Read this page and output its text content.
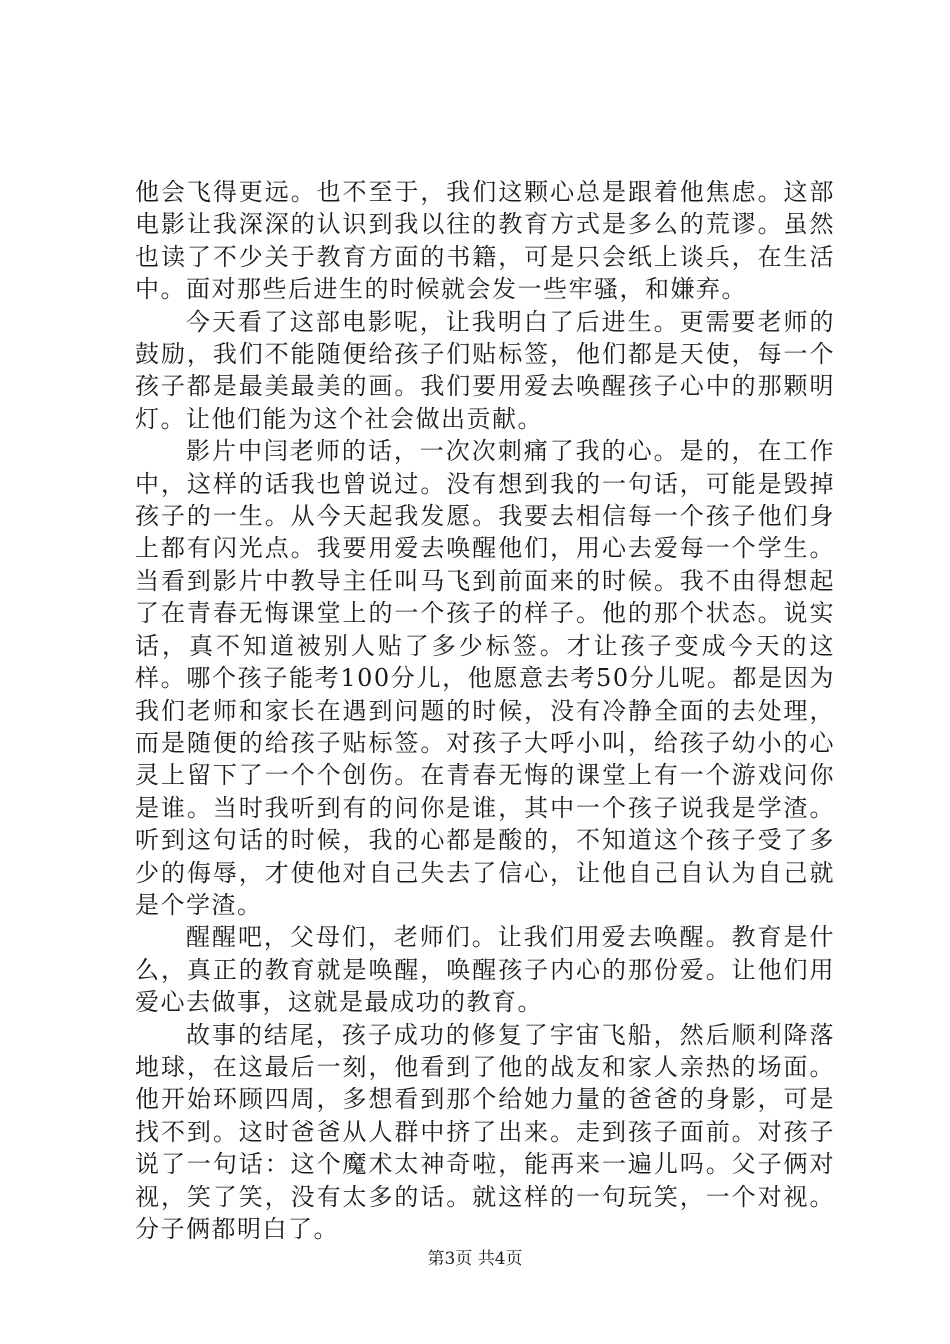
他会飞得更远。也不至于，我们这颗心总是跟着他焦虑。这部电影让我深深的认识到我以往的教育方式是多么的荒谬。虽然也读了不少关于教育方面的书籍，可是只会纸上谈兵，在生活中。面对那些后进生的时候就会发一些牢骚，和嫌弃。

今天看了这部电影呢，让我明白了后进生。更需要老师的鼓励，我们不能随便给孩子们贴标签，他们都是天使，每一个孩子都是最美最美的画。我们要用爱去唤醒孩子心中的那颗明灯。让他们能为这个社会做出贡献。

影片中闫老师的话，一次次刺痛了我的心。是的，在工作中，这样的话我也曾说过。没有想到我的一句话，可能是毁掉孩子的一生。从今天起我发愿。我要去相信每一个孩子他们身上都有闪光点。我要用爱去唤醒他们，用心去爱每一个学生。当看到影片中教导主任叫马飞到前面来的时候。我不由得想起了在青春无悔课堂上的一个孩子的样子。他的那个状态。说实话，真不知道被别人贴了多少标签。才让孩子变成今天的这样。哪个孩子能考100分儿，他愿意去考50分儿呢。都是因为我们老师和家长在遇到问题的时候，没有冷静全面的去处理，而是随便的给孩子贴标签。对孩子大呼小叫，给孩子幼小的心灵上留下了一个个创伤。在青春无悔的课堂上有一个游戏问你是谁。当时我听到有的问你是谁，其中一个孩子说我是学渣。听到这句话的时候，我的心都是酸的，不知道这个孩子受了多少的侮辱，才使他对自己失去了信心，让他自己自认为自己就是个学渣。

醒醒吧，父母们，老师们。让我们用爱去唤醒。教育是什么，真正的教育就是唤醒，唤醒孩子内心的那份爱。让他们用爱心去做事，这就是最成功的教育。

故事的结尾，孩子成功的修复了宇宙飞船，然后顺利降落地球，在这最后一刻，他看到了他的战友和家人亲热的场面。他开始环顾四周，多想看到那个给她力量的爸爸的身影，可是找不到。这时爸爸从人群中挤了出来。走到孩子面前。对孩子说了一句话：这个魔术太神奇啦，能再来一遍儿吗。父子俩对视，笑了笑，没有太多的话。就这样的一句玩笑，一个对视。分子俩都明白了。

第3页 共4页
